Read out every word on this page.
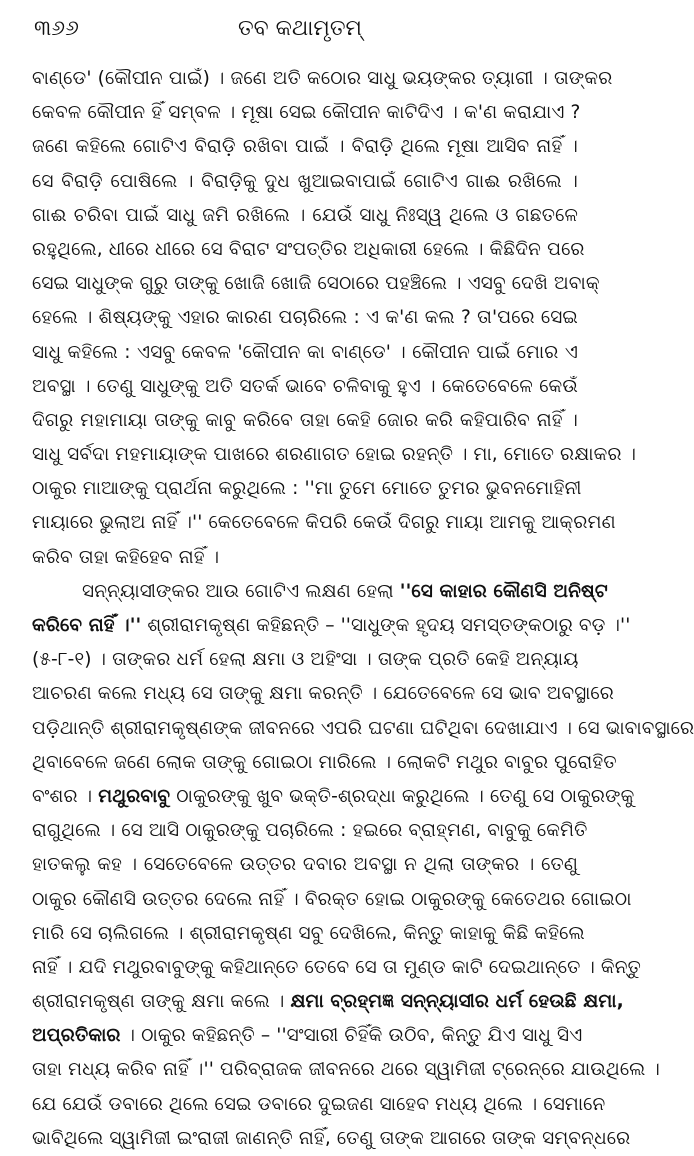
୩୬୬	ତବ କଥାମୃତମ୍
ବାଣ୍ଡେ' (କୌପୀନ ପାଇଁ) । ଜଣେ ଅତି କଠୋର ସାଧୁ ଭୟଙ୍କର ତ୍ୟାଗୀ । ତାଙ୍କର
କେବଳ କୌପୀନ ହିଁ ସମ୍ବଳ । ମୂଷା ସେଇ କୌପୀନ କାଟିଦିଏ । କ'ଣ କରାଯାଏ ?
ଜଣେ କହିଲେ ଗୋଟିଏ ବିରାଡ଼ି ରଖିବା ପାଇଁ । ବିରାଡ଼ି ଥିଲେ ମୂଷା ଆସିବ ନାହିଁ ।
ସେ ବିରାଡ଼ି ପୋଷିଲେ । ବିରାଡ଼ିକୁ ଦୁଧ ଖୁଆଇବାପାଇଁ ଗୋଟିଏ ଗାଈ ରଖିଲେ ।
ଗାଈ ଚରିବା ପାଇଁ ସାଧୁ ଜମି ରଖିଲେ । ଯେଉଁ ସାଧୁ ନିଃସ୍ୱ ଥିଲେ ଓ ଗଛତଳେ
ରହୁଥିଲେ, ଧୀରେ ଧୀରେ ସେ ବିରାଟ ସଂପତ୍ତିର ଅଧିକାରୀ ହେଲେ । କିଛିଦିନ ପରେ
ସେଇ ସାଧୁଙ୍କ ଗୁରୁ ତାଙ୍କୁ ଖୋଜି ଖୋଜି ସେଠାରେ ପହଞ୍ଚିଲେ । ଏସବୁ ଦେଖି ଅବାକ୍
ହେଲେ । ଶିଷ୍ୟଙ୍କୁ ଏହାର କାରଣ ପଚାରିଲେ : ଏ କ'ଣ କଲ ? ତା'ପରେ ସେଇ
ସାଧୁ କହିଲେ : ଏସବୁ କେବଳ 'କୌପୀନ କା ବାଣ୍ଡେ' । କୌପୀନ ପାଇଁ ମୋର ଏ
ଅବସ୍ଥା । ତେଣୁ ସାଧୁଙ୍କୁ ଅତି ସତର୍କ ଭାବେ ଚଳିବାକୁ ହୁଏ । କେତେବେଳେ କେଉଁ
ଦିଗରୁ ମହାମାୟା ତାଙ୍କୁ କାବୁ କରିବେ ତାହା କେହି ଜୋର କରି କହିପାରିବ ନାହିଁ ।
ସାଧୁ ସର୍ବଦା ମହମାୟାଙ୍କ ପାଖରେ ଶରଣାଗତ ହୋଇ ରହନ୍ତି । ମା, ମୋତେ ରକ୍ଷାକର ।
ଠାକୁର ମାଆଙ୍କୁ ପ୍ରାର୍ଥନା କରୁଥିଲେ : ''ମା ତୁମେ ମୋତେ ତୁମର ଭୁବନମୋହିନୀ
ମାୟାରେ ଭୁଲାଅ ନାହିଁ ।'' କେତେବେଳେ କିପରି କେଉଁ ଦିଗରୁ ମାୟା ଆମକୁ ଆକ୍ରମଣ
କରିବ ତାହା କହିହେବ ନାହିଁ ।
ସନ୍ନ୍ୟାସୀଙ୍କର ଆଉ ଗୋଟିଏ ଲକ୍ଷଣ ହେଲା ''ସେ କାହାର କୌଣସି ଅନିଷ୍ଟ
କରିବେ ନାହିଁ ।'' ଶ୍ରୀରାମକୃଷ୍ଣ କହିଛନ୍ତି – ''ସାଧୁଙ୍କ ହୃଦୟ ସମସ୍ତଙ୍କଠାରୁ ବଡ଼ ।''
(୫-୮-୧) । ତାଙ୍କର ଧର୍ମ ହେଲା କ୍ଷମା ଓ ଅହିଂସା । ତାଙ୍କ ପ୍ରତି କେହି ଅନ୍ୟାୟ
ଆଚରଣ କଲେ ମଧ୍ୟ ସେ ତାଙ୍କୁ କ୍ଷମା କରନ୍ତି । ଯେତେବେଳେ ସେ ଭାବ ଅବସ୍ଥାରେ
ପଡ଼ିଥାନ୍ତି ଶ୍ରୀରାମକୃଷ୍ଣଙ୍କ ଜୀବନରେ ଏପରି ଘଟଣା ଘଟିଥିବା ଦେଖାଯାଏ । ସେ ଭାବାବସ୍ଥାରେ
ଥିବାବେଳେ ଜଣେ ଲୋକ ତାଙ୍କୁ ଗୋଇଠା ମାରିଲେ । ଲୋକଟି ମଥୁର ବାବୁର ପୁରୋହିତ
ବଂଶର । ମଥୁରବାବୁ ଠାକୁରଙ୍କୁ ଖୁବ ଭକ୍ତି-ଶ୍ରଦ୍ଧା କରୁଥିଲେ । ତେଣୁ ସେ ଠାକୁରଙ୍କୁ
ରାଗୁଥିଲେ । ସେ ଆସି ଠାକୁରଙ୍କୁ ପଚାରିଲେ : ହଇରେ ବ୍ରାହ୍ମଣ, ବାବୁକୁ କେମିତି
ହାତକଲୁ କହ । ସେତେବେଳେ ଉତ୍ତର ଦବାର ଅବସ୍ଥା ନ ଥିଲା ତାଙ୍କର । ତେଣୁ
ଠାକୁର କୌଣସି ଉତ୍ତର ଦେଲେ ନାହିଁ । ବିରକ୍ତ ହୋଇ ଠାକୁରଙ୍କୁ କେତେଥର ଗୋଇଠା
ମାରି ସେ ଚାଲିଗଲେ । ଶ୍ରୀରାମକୃଷ୍ଣ ସବୁ ଦେଖିଲେ, କିନ୍ତୁ କାହାକୁ କିଛି କହିଲେ
ନାହିଁ । ଯଦି ମଥୁରବାବୁଙ୍କୁ କହିଥାନ୍ତେ ତେବେ ସେ ତା ମୁଣ୍ଡ କାଟି ଦେଇଥାନ୍ତେ । କିନ୍ତୁ
ଶ୍ରୀରାମକୃଷ୍ଣ ତାଙ୍କୁ କ୍ଷମା କଲେ । କ୍ଷମା ବ୍ରହ୍ମଜ୍ଞ ସନ୍ନ୍ୟାସୀର ଧର୍ମ ହେଉଛି କ୍ଷମା,
ଅପ୍ରତିକାର । ଠାକୁର କହିଛନ୍ତି – ''ସଂସାରୀ ଚିହିଁକି ଉଠିବ, କିନ୍ତୁ ଯିଏ ସାଧୁ ସିଏ
ତାହା ମଧ୍ୟ କରିବ ନାହିଁ ।'' ପରିବ୍ରାଜକ ଜୀବନରେ ଥରେ ସ୍ୱାମିଜୀ ଟ୍ରେନ୍‌ରେ ଯାଉଥିଲେ ।
ଯେ ଯେଉଁ ଡବାରେ ଥିଲେ ସେଇ ଡବାରେ ଦୁଇଜଣ ସାହେବ ମଧ୍ୟ ଥିଲେ । ସେମାନେ
ଭାବିଥିଲେ ସ୍ୱାମିଜୀ ଇଂରାଜୀ ଜାଣନ୍ତି ନାହିଁ, ତେଣୁ ତାଙ୍କ ଆଗରେ ତାଙ୍କ ସମ୍ବନ୍ଧରେ
